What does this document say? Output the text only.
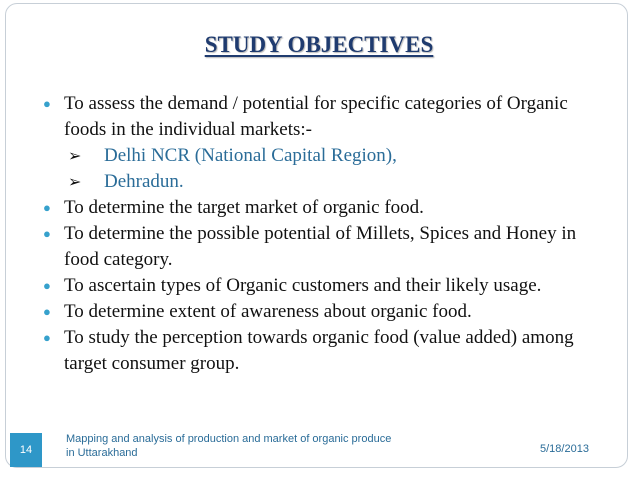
STUDY OBJECTIVES
● To assess the demand / potential for specific categories of Organic foods in the individual markets:-
➢ Delhi NCR (National Capital Region),
➢ Dehradun.
● To determine the target market of organic food.
● To determine the possible potential of Millets, Spices and Honey in food category.
● To ascertain types of Organic customers and their likely usage.
● To determine extent of awareness about organic food.
● To study the perception towards organic food (value added) among target consumer group.
14
Mapping and analysis of production and market of organic produce
in Uttarakhand	5/18/2013
